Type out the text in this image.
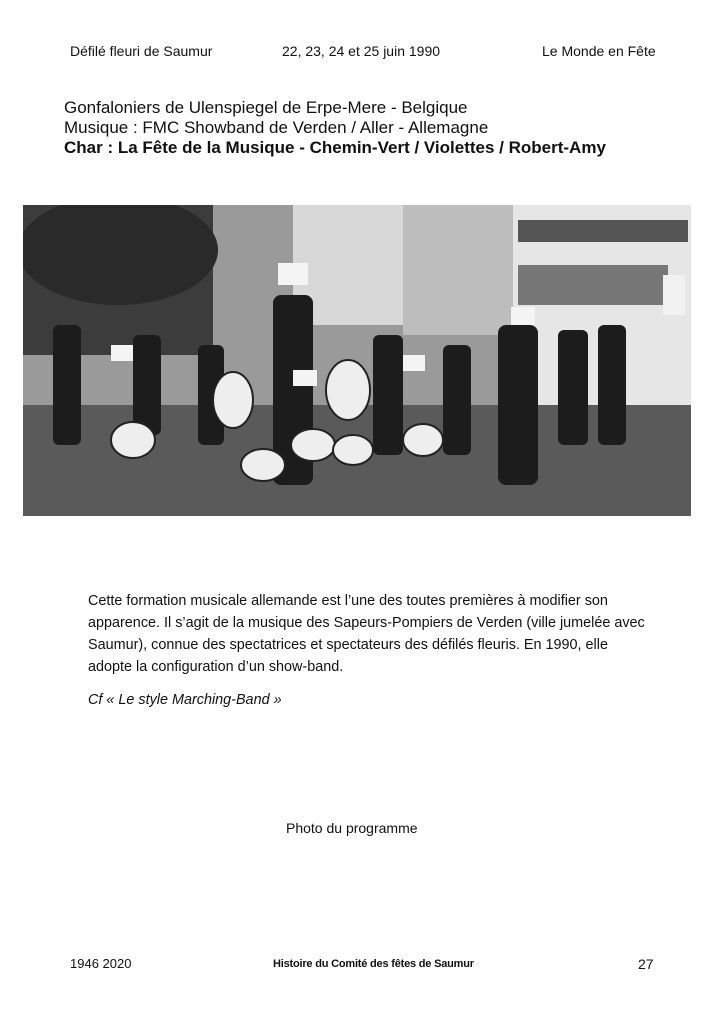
Défilé fleuri de Saumur	22, 23, 24 et 25 juin 1990	Le Monde en Fête
Gonfaloniers de Ulenspiegel de Erpe-Mere - Belgique
Musique : FMC Showband de Verden / Aller - Allemagne
Char : La Fête de la Musique - Chemin-Vert / Violettes / Robert-Amy

Cette formation musicale allemande est l’une des toutes premières à modifier son apparence. Il s’agit de la musique des Sapeurs-Pompiers de Verden (ville jumelée avec Saumur), connue des spectatrices et spectateurs des défilés fleuris. En 1990, elle adopte la configuration d’un show-band.

Cf « Le style Marching-Band »
Photo du programme
1946 2020	Histoire du Comité des fêtes de Saumur	27
